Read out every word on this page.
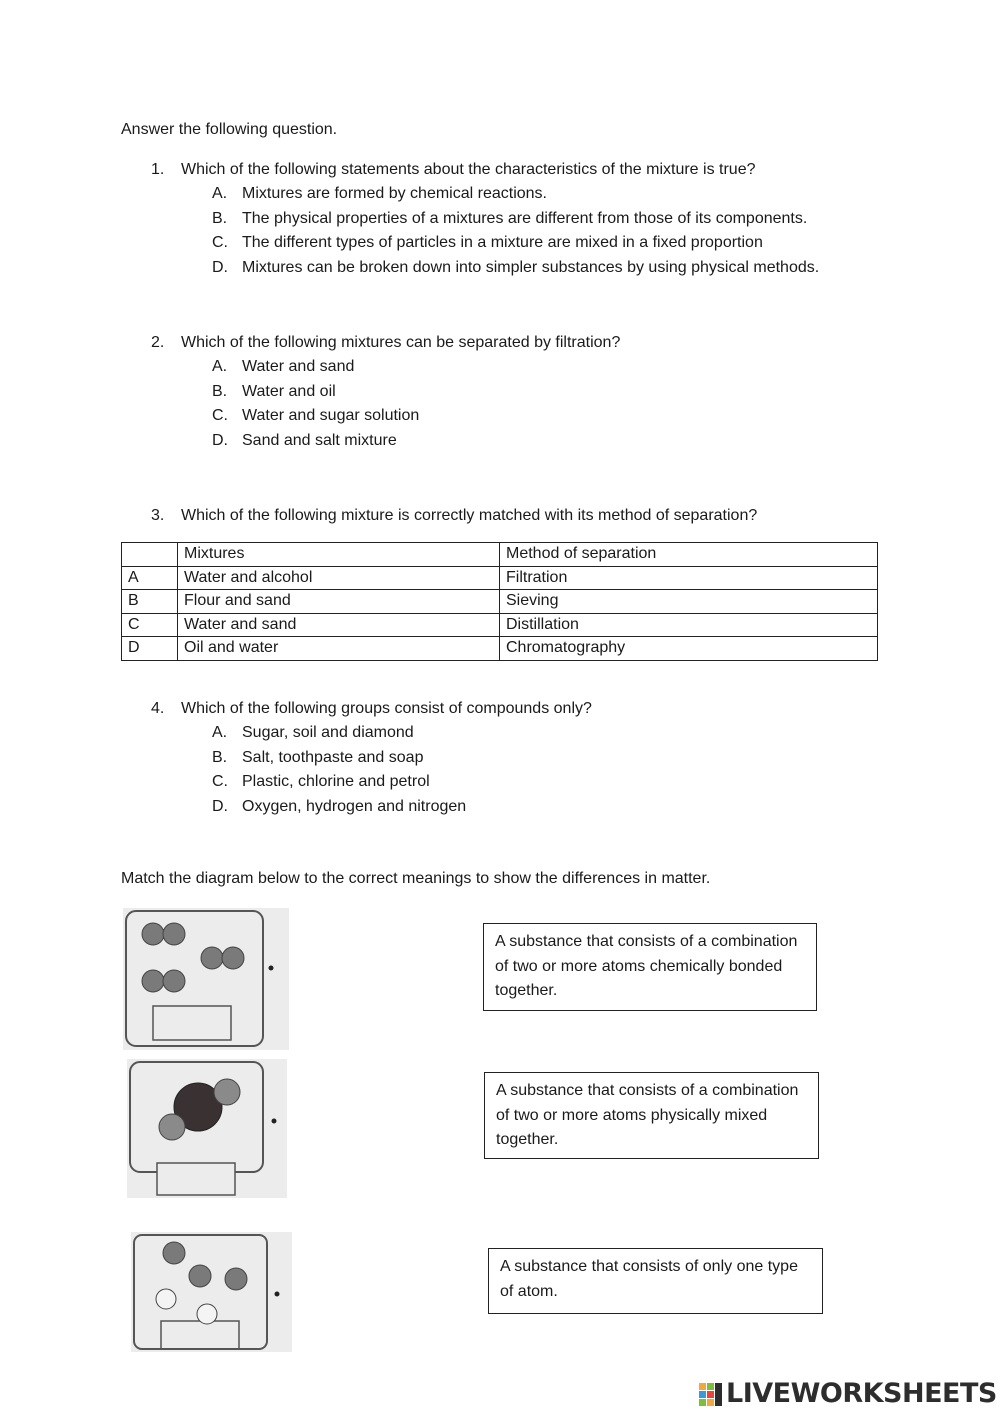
Answer the following question.
1.	Which of the following statements about the characteristics of the mixture is true?
A. Mixtures are formed by chemical reactions.
B. The physical properties of a mixtures are different from those of its components.
C. The different types of particles in a mixture are mixed in a fixed proportion
D. Mixtures can be broken down into simpler substances by using physical methods.
2.	Which of the following mixtures can be separated by filtration?
A. Water and sand
B. Water and oil
C. Water and sugar solution
D. Sand and salt mixture
3.	Which of the following mixture is correctly matched with its method of separation?
	Mixtures	Method of separation
A	Water and alcohol	Filtration
B	Flour and sand	Sieving
C	Water and sand	Distillation
D	Oil and water	Chromatography
4.	Which of the following groups consist of compounds only?
A. Sugar, soil and diamond
B. Salt, toothpaste and soap
C. Plastic, chlorine and petrol
D. Oxygen, hydrogen and nitrogen
Match the diagram below to the correct meanings to show the differences in matter.
A substance that consists of a combination of two or more atoms chemically bonded together.
A substance that consists of a combination of two or more atoms physically mixed together.
A substance that consists of only one type of atom.
LIVEWORKSHEETS
